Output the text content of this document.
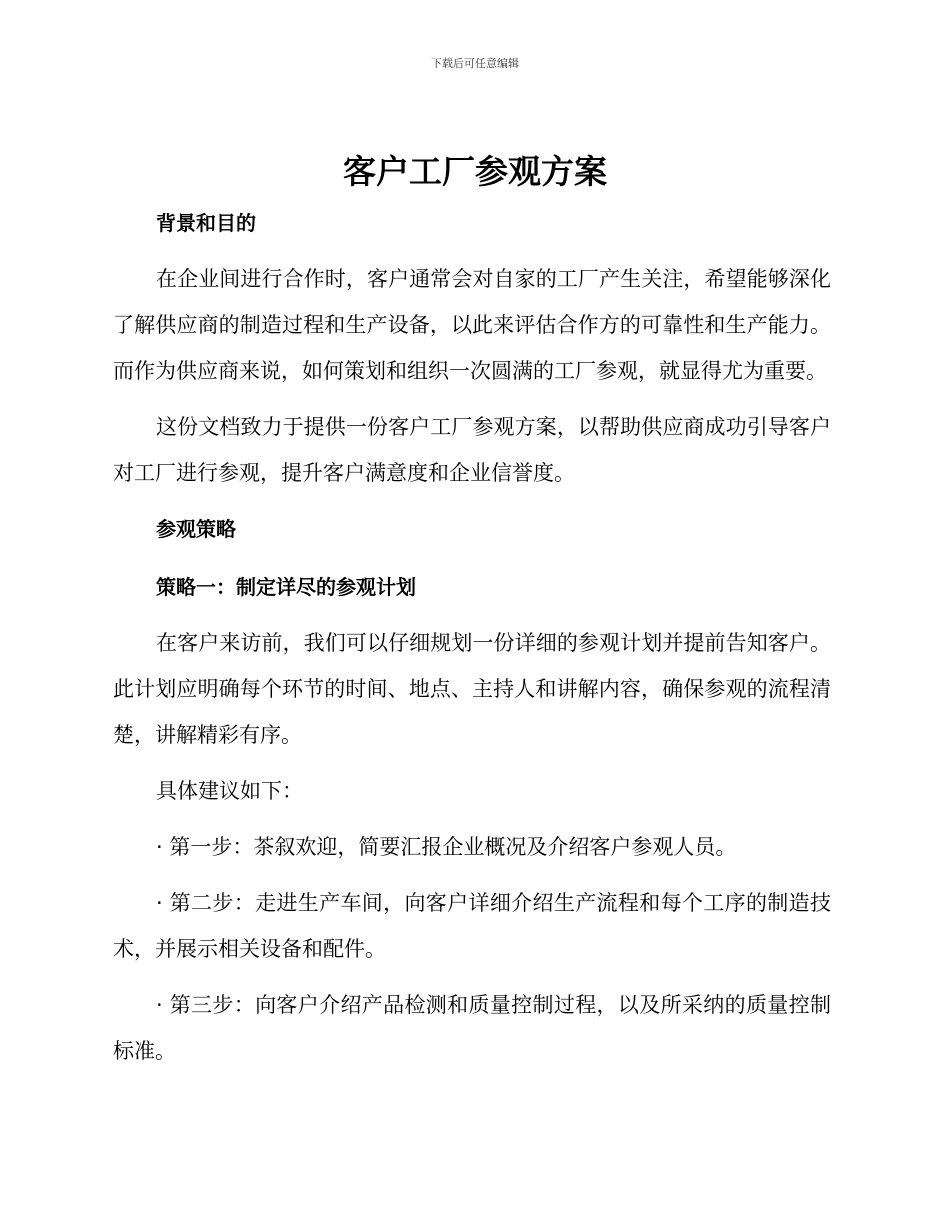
下载后可任意编辑
客户工厂参观方案

背景和目的

在企业间进行合作时，客户通常会对自家的工厂产生关注，希望能够深化了解供应商的制造过程和生产设备，以此来评估合作方的可靠性和生产能力。而作为供应商来说，如何策划和组织一次圆满的工厂参观，就显得尤为重要。

这份文档致力于提供一份客户工厂参观方案，以帮助供应商成功引导客户对工厂进行参观，提升客户满意度和企业信誉度。

参观策略

策略一：制定详尽的参观计划

在客户来访前，我们可以仔细规划一份详细的参观计划并提前告知客户。此计划应明确每个环节的时间、地点、主持人和讲解内容，确保参观的流程清楚，讲解精彩有序。

具体建议如下：

· 第一步：茶叙欢迎，简要汇报企业概况及介绍客户参观人员。

· 第二步：走进生产车间，向客户详细介绍生产流程和每个工序的制造技术，并展示相关设备和配件。

· 第三步：向客户介绍产品检测和质量控制过程，以及所采纳的质量控制标准。
